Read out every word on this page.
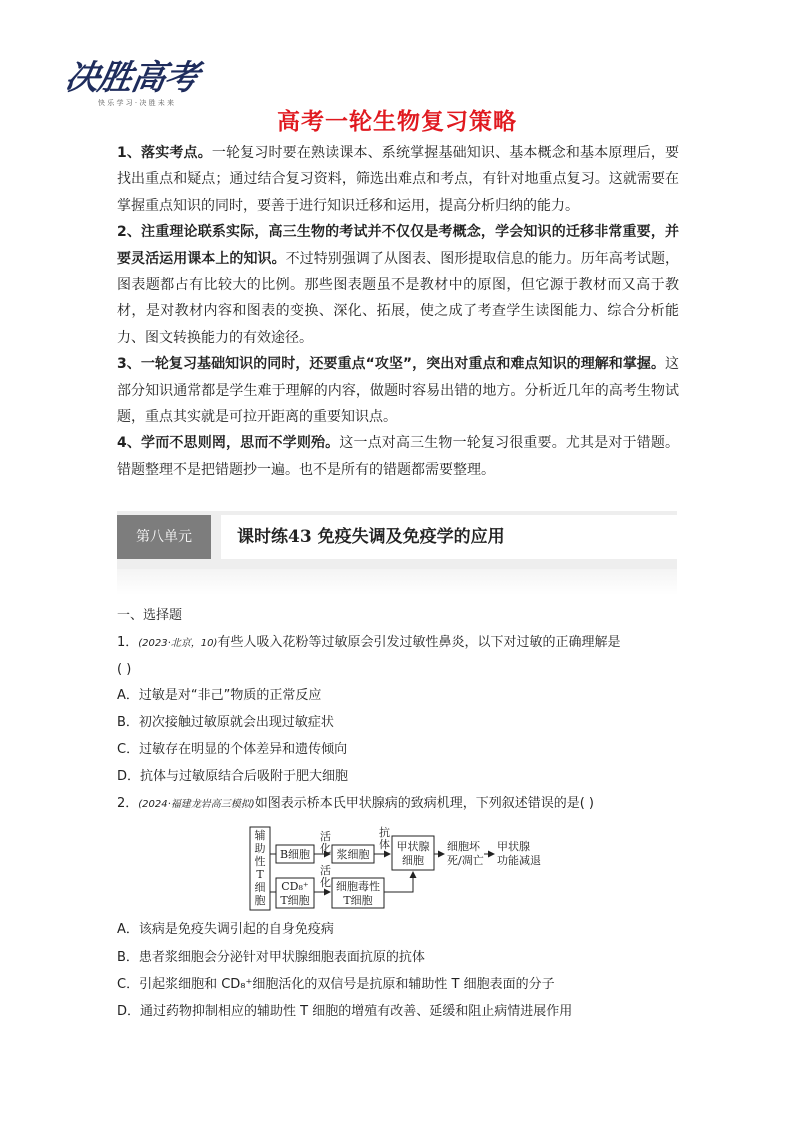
决胜高考
快 乐 学 习 · 决 胜 未 来
高考一轮生物复习策略

1、落实考点。一轮复习时要在熟读课本、系统掌握基础知识、基本概念和基本原理后，要找出重点和疑点；通过结合复习资料，筛选出难点和考点，有针对地重点复习。这就需要在掌握重点知识的同时，要善于进行知识迁移和运用，提高分析归纳的能力。

2、注重理论联系实际，高三生物的考试并不仅仅是考概念，学会知识的迁移非常重要，并要灵活运用课本上的知识。不过特别强调了从图表、图形提取信息的能力。历年高考试题，图表题都占有比较大的比例。那些图表题虽不是教材中的原图，但它源于教材而又高于教材，是对教材内容和图表的变换、深化、拓展，使之成了考查学生读图能力、综合分析能力、图文转换能力的有效途径。

3、一轮复习基础知识的同时，还要重点“攻坚”，突出对重点和难点知识的理解和掌握。这部分知识通常都是学生难于理解的内容，做题时容易出错的地方。分析近几年的高考生物试题，重点其实就是可拉开距离的重要知识点。

4、学而不思则罔，思而不学则殆。这一点对高三生物一轮复习很重要。尤其是对于错题。错题整理不是把错题抄一遍。也不是所有的错题都需要整理。

第八单元	课时练43 免疫失调及免疫学的应用
一、选择题
1．(2023·北京，10)有些人吸入花粉等过敏原会引发过敏性鼻炎，以下对过敏的正确理解是
( )
A．过敏是对“非己”物质的正常反应
B．初次接触过敏原就会出现过敏症状
C．过敏存在明显的个体差异和遗传倾向
D．抗体与过敏原结合后吸附于肥大细胞
2．(2024·福建龙岩高三模拟)如图表示桥本氏甲状腺病的致病机理，下列叙述错误的是( )
辅
助
性
T
细
胞
B细胞
活
化 浆细胞
抗
体 甲状腺
细胞
细胞坏
死/凋亡
甲状腺
功能减退
CD₈⁺
T细胞
活
化 细胞毒性
T细胞
A．该病是免疫失调引起的自身免疫病
B．患者浆细胞会分泌针对甲状腺细胞表面抗原的抗体
C．引起浆细胞和 CD₈⁺细胞活化的双信号是抗原和辅助性 T 细胞表面的分子
D．通过药物抑制相应的辅助性 T 细胞的增殖有改善、延缓和阻止病情进展作用
